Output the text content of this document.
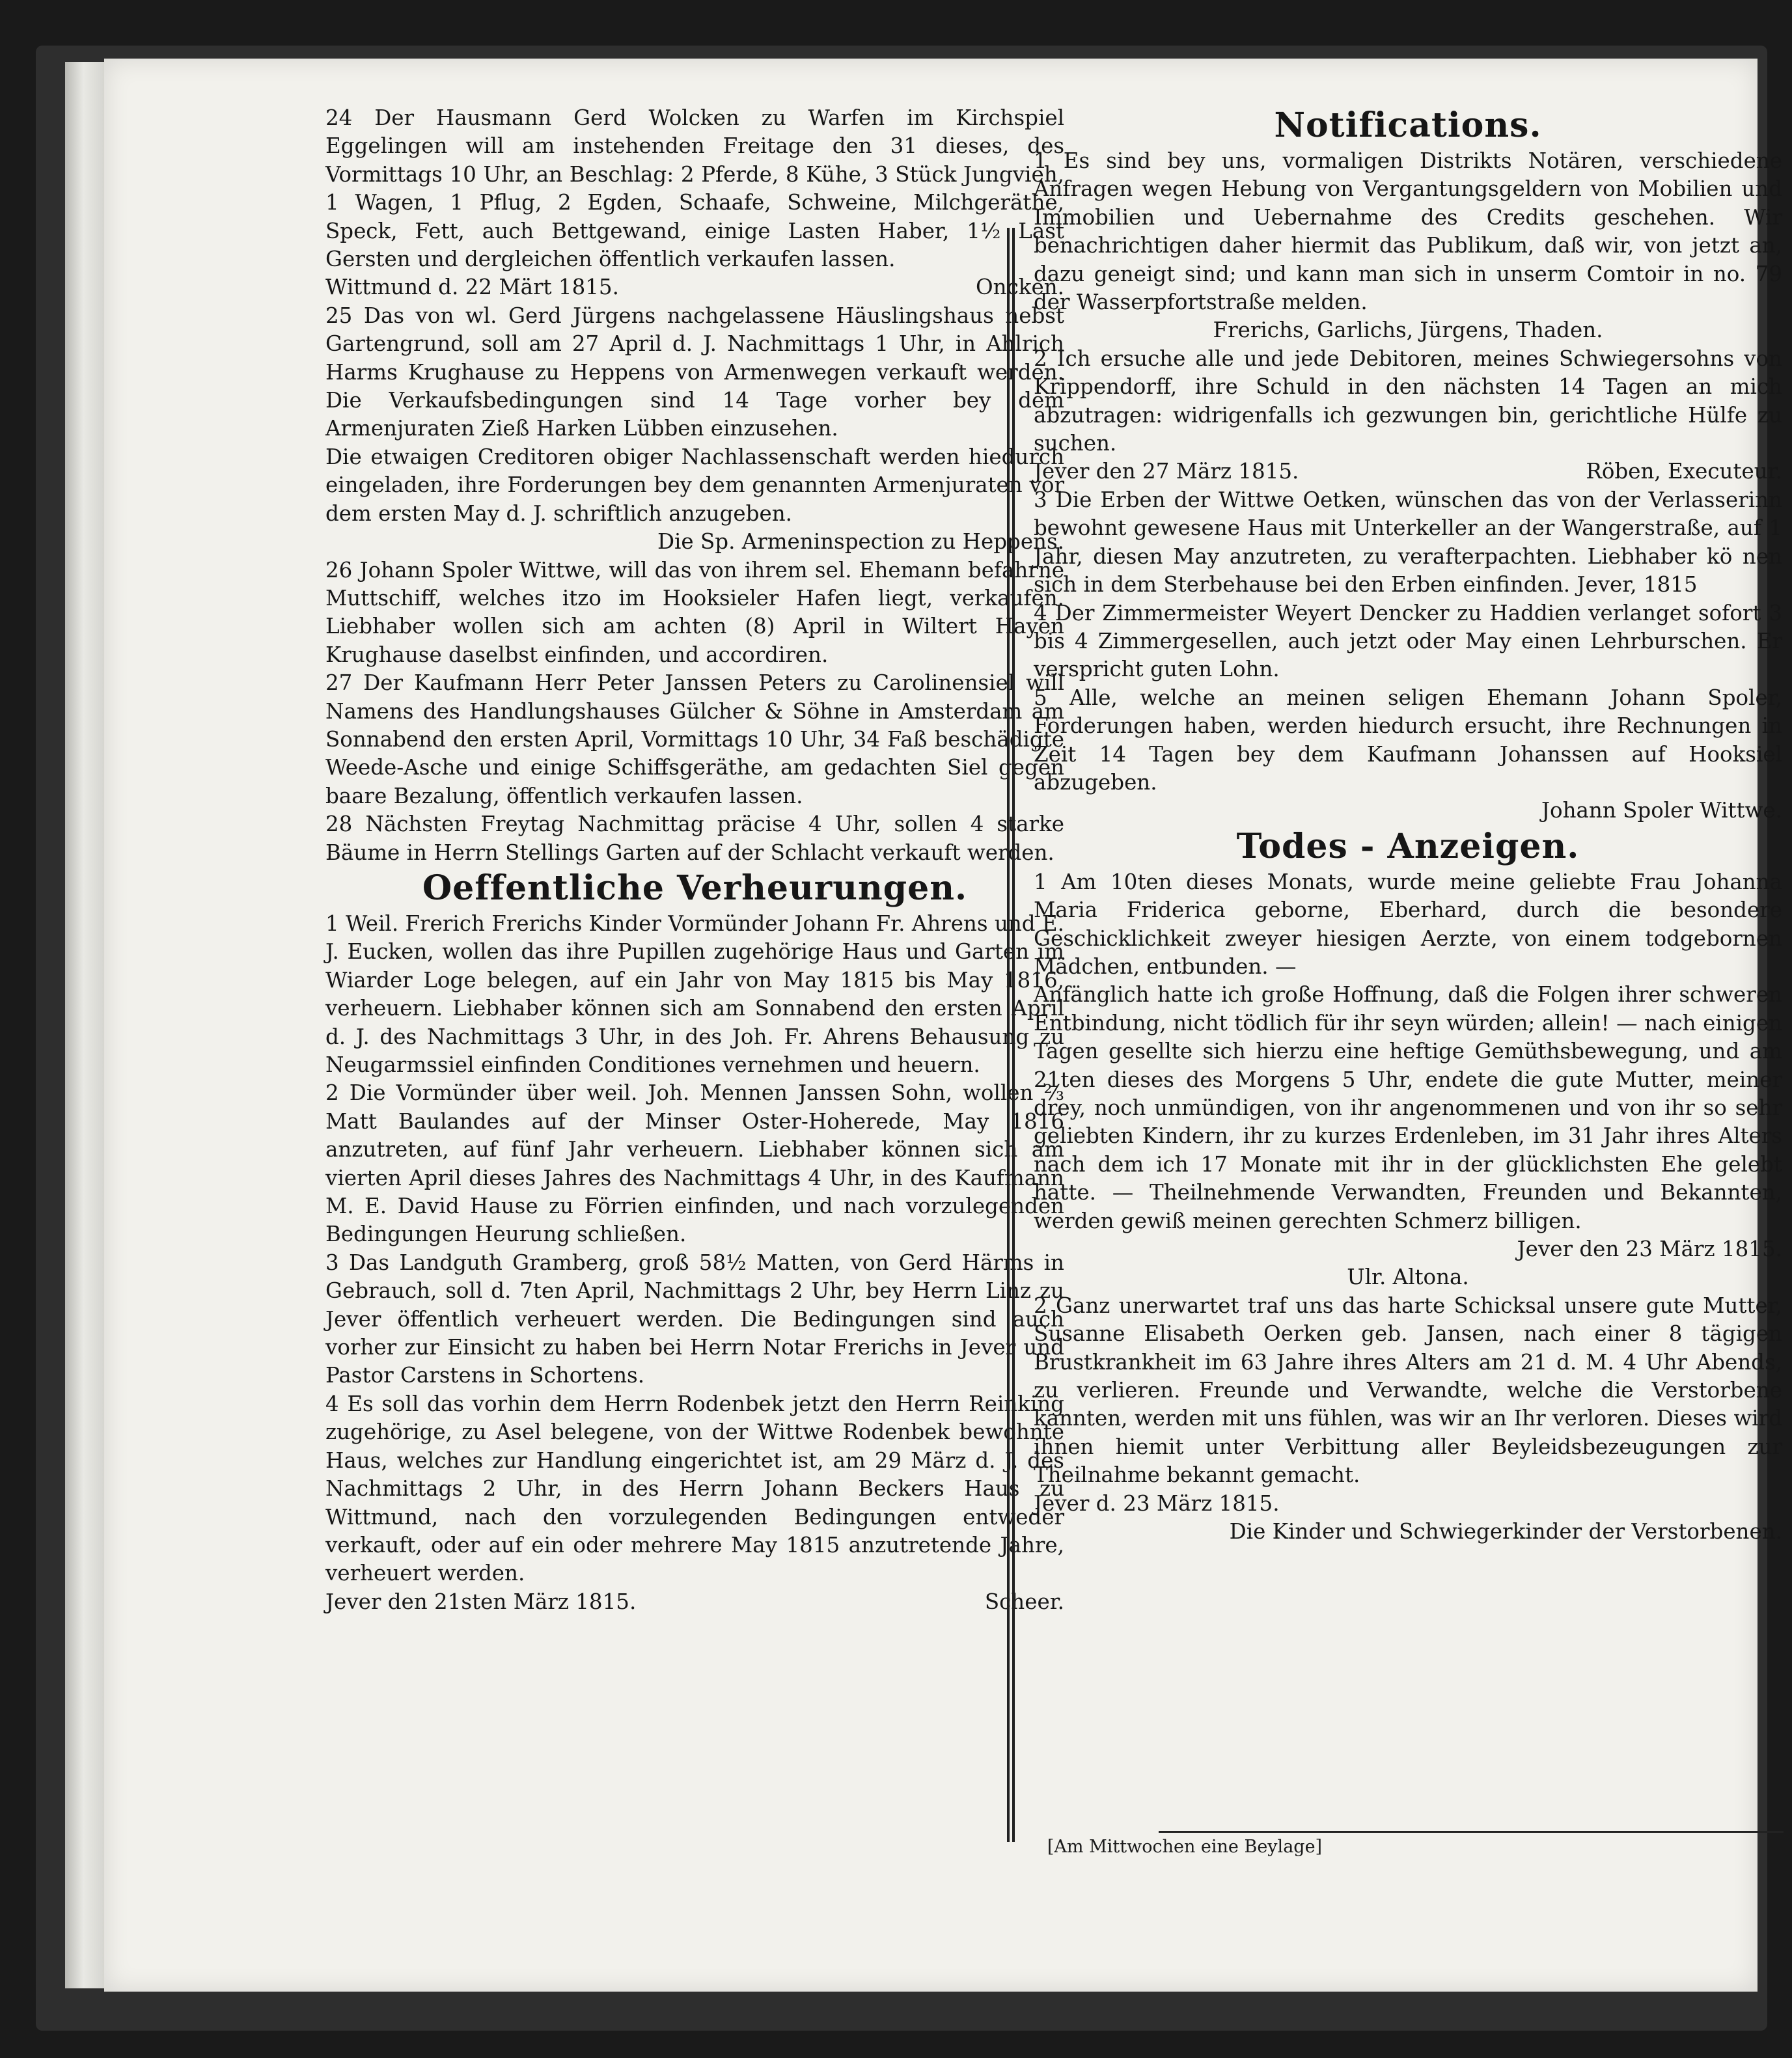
24 Der Hausmann Gerd Wolcken zu Warfen im Kirchspiel Eggelingen will am instehenden Freitage den 31 dieses, des Vormittags 10 Uhr, an Beschlag: 2 Pferde, 8 Kühe, 3 Stück Jungvieh, 1 Wagen, 1 Pflug, 2 Egden, Schaafe, Schweine, Milchgeräthe, Speck, Fett, auch Bettgewand, einige Lasten Haber, 1½ Last Gersten und dergleichen öffentlich verkaufen lassen.

Wittmund d. 22 Märt 1815.	Oncken.

25 Das von wl. Gerd Jürgens nachgelassene Häuslingshaus nebst Gartengrund, soll am 27 April d. J. Nachmittags 1 Uhr, in Ahlrich Harms Krughause zu Heppens von Armenwegen verkauft werden. Die Verkaufsbedingungen sind 14 Tage vorher bey dem Armenjuraten Zieß Harken Lübben einzusehen.

Die etwaigen Creditoren obiger Nachlassenschaft werden hiedurch eingeladen, ihre Forderungen bey dem genannten Armenjuraten vor dem ersten May d. J. schriftlich anzugeben.

Die Sp. Armeninspection zu Heppens.

26 Johann Spoler Wittwe, will das von ihrem sel. Ehemann befahrne Muttschiff, welches itzo im Hooksieler Hafen liegt, verkaufen. Liebhaber wollen sich am achten (8) April in Wiltert Hayen Krughause daselbst einfinden, und accordiren.

27 Der Kaufmann Herr Peter Janssen Peters zu Carolinensiel will Namens des Handlungshauses Gülcher & Söhne in Amsterdam am Sonnabend den ersten April, Vormittags 10 Uhr, 34 Faß beschädigte Weede-Asche und einige Schiffsgeräthe, am gedachten Siel gegen baare Bezalung, öffentlich verkaufen lassen.

28 Nächsten Freytag Nachmittag präcise 4 Uhr, sollen 4 starke Bäume in Herrn Stellings Garten auf der Schlacht verkauft werden.

Oeffentliche Verheurungen.

1 Weil. Frerich Frerichs Kinder Vormünder Johann Fr. Ahrens und E. J. Eucken, wollen das ihre Pupillen zugehörige Haus und Garten im Wiarder Loge belegen, auf ein Jahr von May 1815 bis May 1816, verheuern. Liebhaber können sich am Sonnabend den ersten April d. J. des Nachmittags 3 Uhr, in des Joh. Fr. Ahrens Behausung zu Neugarmssiel einfinden Conditiones vernehmen und heuern.

2 Die Vormünder über weil. Joh. Mennen Janssen Sohn, wollen ⅔ Matt Baulandes auf der Minser Oster-Hoherede, May 1816 anzutreten, auf fünf Jahr verheuern. Liebhaber können sich am vierten April dieses Jahres des Nachmittags 4 Uhr, in des Kaufmann M. E. David Hause zu Förrien einfinden, und nach vorzulegenden Bedingungen Heurung schließen.

3 Das Landguth Gramberg, groß 58½ Matten, von Gerd Härms in Gebrauch, soll d. 7ten April, Nachmittags 2 Uhr, bey Herrn Linz zu Jever öffentlich verheuert werden. Die Bedingungen sind auch vorher zur Einsicht zu haben bei Herrn Notar Frerichs in Jever und Pastor Carstens in Schortens.

4 Es soll das vorhin dem Herrn Rodenbek jetzt den Herrn Reinking zugehörige, zu Asel belegene, von der Wittwe Rodenbek bewohnte Haus, welches zur Handlung eingerichtet ist, am 29 März d. J. des Nachmittags 2 Uhr, in des Herrn Johann Beckers Haus zu Wittmund, nach den vorzulegenden Bedingungen entweder verkauft, oder auf ein oder mehrere May 1815 anzutretende Jahre, verheuert werden.

Jever den 21sten März 1815.	Scheer.
Notifications.

1 Es sind bey uns, vormaligen Distrikts Notären, verschiedene Anfragen wegen Hebung von Vergantungsgeldern von Mobilien und Immobilien und Uebernahme des Credits geschehen. Wir benachrichtigen daher hiermit das Publikum, daß wir, von jetzt an, dazu geneigt sind; und kann man sich in unserm Comtoir in no. 79 der Wasserpfortstraße melden.

Frerichs, Garlichs, Jürgens, Thaden.

2 Ich ersuche alle und jede Debitoren, meines Schwiegersohns von Krippendorff, ihre Schuld in den nächsten 14 Tagen an mich abzutragen: widrigenfalls ich gezwungen bin, gerichtliche Hülfe zu suchen.

Jever den 27 März 1815.	Röben, Executeur.

3 Die Erben der Wittwe Oetken, wünschen das von der Verlasserinn bewohnt gewesene Haus mit Unterkeller an der Wangerstraße, auf 1 Jahr, diesen May anzutreten, zu verafterpachten. Liebhaber kö nen sich in dem Sterbehause bei den Erben einfinden. Jever, 1815

4 Der Zimmermeister Weyert Dencker zu Haddien verlanget sofort 3 bis 4 Zimmergesellen, auch jetzt oder May einen Lehrburschen. Er verspricht guten Lohn.

5 Alle, welche an meinen seligen Ehemann Johann Spoler, Forderungen haben, werden hiedurch ersucht, ihre Rechnungen in Zeit 14 Tagen bey dem Kaufmann Johanssen auf Hooksiel abzugeben.

Johann Spoler Wittwe.

Todes - Anzeigen.

1 Am 10ten dieses Monats, wurde meine geliebte Frau Johanna Maria Friderica geborne, Eberhard, durch die besondere Geschicklichkeit zweyer hiesigen Aerzte, von einem todgebornen Mädchen, entbunden. —

Anfänglich hatte ich große Hoffnung, daß die Folgen ihrer schweren Entbindung, nicht tödlich für ihr seyn würden; allein! — nach einigen Tagen gesellte sich hierzu eine heftige Gemüthsbewegung, und am 21ten dieses des Morgens 5 Uhr, endete die gute Mutter, meiner drey, noch unmündigen, von ihr angenommenen und von ihr so sehr geliebten Kindern, ihr zu kurzes Erdenleben, im 31 Jahr ihres Alters nach dem ich 17 Monate mit ihr in der glücklichsten Ehe gelebt hatte. — Theilnehmende Verwandten, Freunden und Bekannten, werden gewiß meinen gerechten Schmerz billigen.

Jever den 23 März 1815.

Ulr. Altona.

2 Ganz unerwartet traf uns das harte Schicksal unsere gute Mutter, Susanne Elisabeth Oerken geb. Jansen, nach einer 8 tägigen Brustkrankheit im 63 Jahre ihres Alters am 21 d. M. 4 Uhr Abends, zu verlieren. Freunde und Verwandte, welche die Verstorbene kannten, werden mit uns fühlen, was wir an Ihr verloren. Dieses wird ihnen hiemit unter Verbittung aller Beyleidsbezeugungen zur Theilnahme bekannt gemacht.

Jever d. 23 März 1815.

Die Kinder und Schwiegerkinder der Verstorbenen.

[Am Mittwochen eine Beylage]
